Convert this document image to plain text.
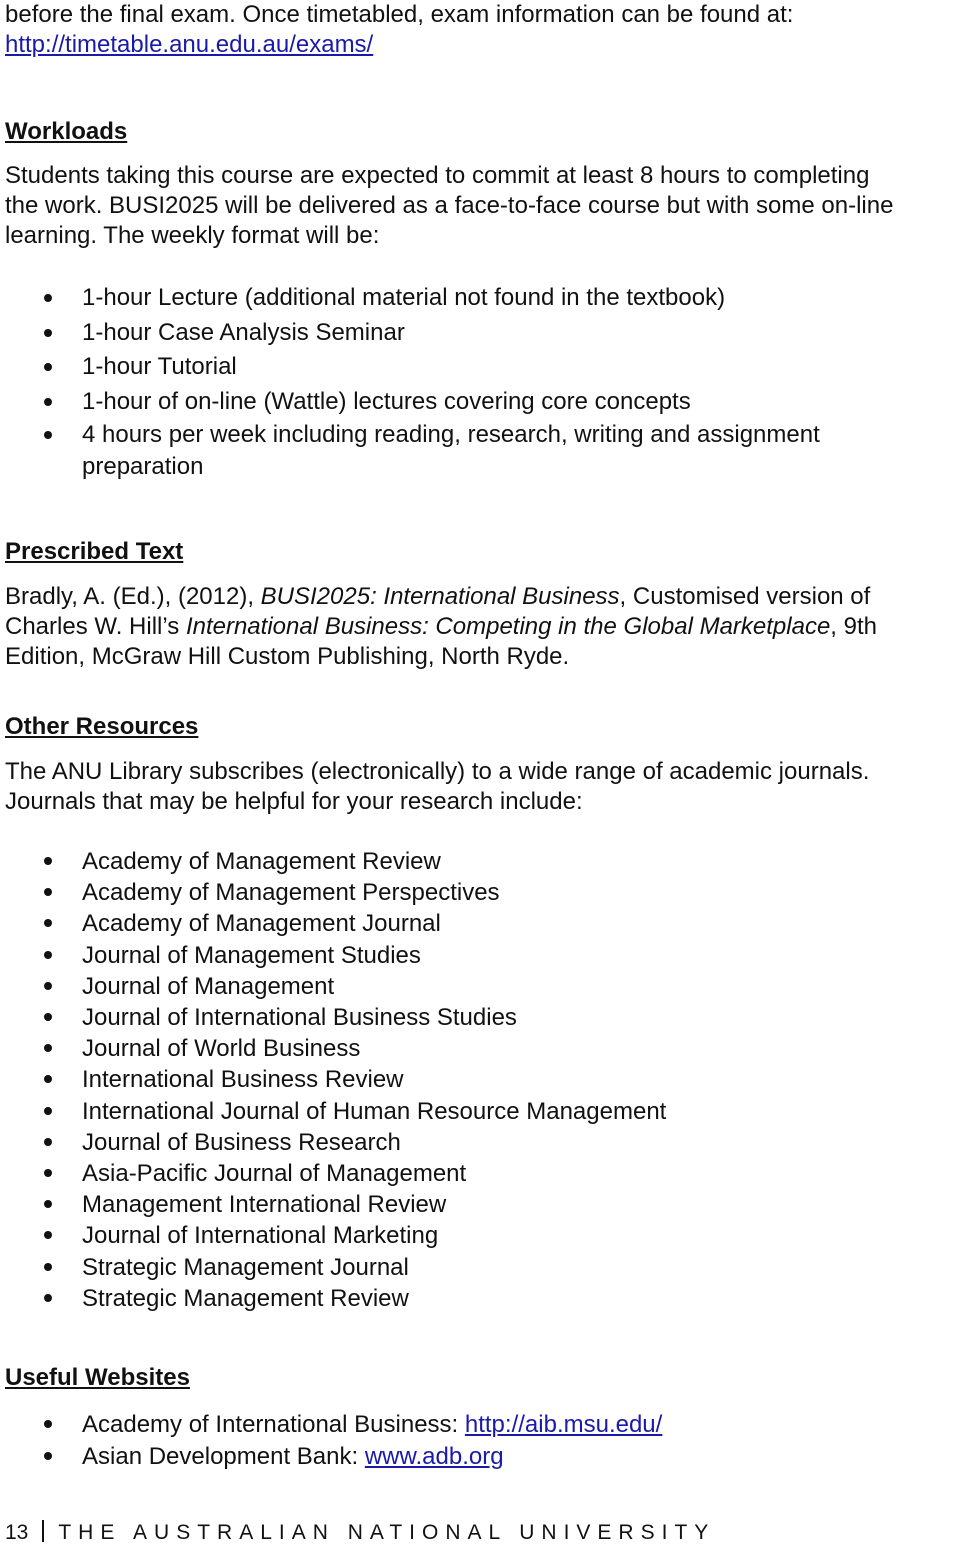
before the final exam. Once timetabled, exam information can be found at:
http://timetable.anu.edu.au/exams/
Workloads
Students taking this course are expected to commit at least 8 hours to completing
the work. BUSI2025 will be delivered as a face-to-face course but with some on-line
learning. The weekly format will be:
1-hour Lecture (additional material not found in the textbook)
1-hour Case Analysis Seminar
1-hour Tutorial
1-hour of on-line (Wattle) lectures covering core concepts
4 hours per week including reading, research, writing and assignment
preparation
Prescribed Text
Bradly, A. (Ed.), (2012), BUSI2025: International Business, Customised version of
Charles W. Hill’s International Business: Competing in the Global Marketplace, 9th
Edition, McGraw Hill Custom Publishing, North Ryde.
Other Resources
The ANU Library subscribes (electronically) to a wide range of academic journals.
Journals that may be helpful for your research include:
Academy of Management Review
Academy of Management Perspectives
Academy of Management Journal
Journal of Management Studies
Journal of Management
Journal of International Business Studies
Journal of World Business
International Business Review
International Journal of Human Resource Management
Journal of Business Research
Asia-Pacific Journal of Management
Management International Review
Journal of International Marketing
Strategic Management Journal
Strategic Management Review
Useful Websites
Academy of International Business: http://aib.msu.edu/
Asian Development Bank: www.adb.org
13 THE AUSTRALIAN NATIONAL UNIVERSITY
